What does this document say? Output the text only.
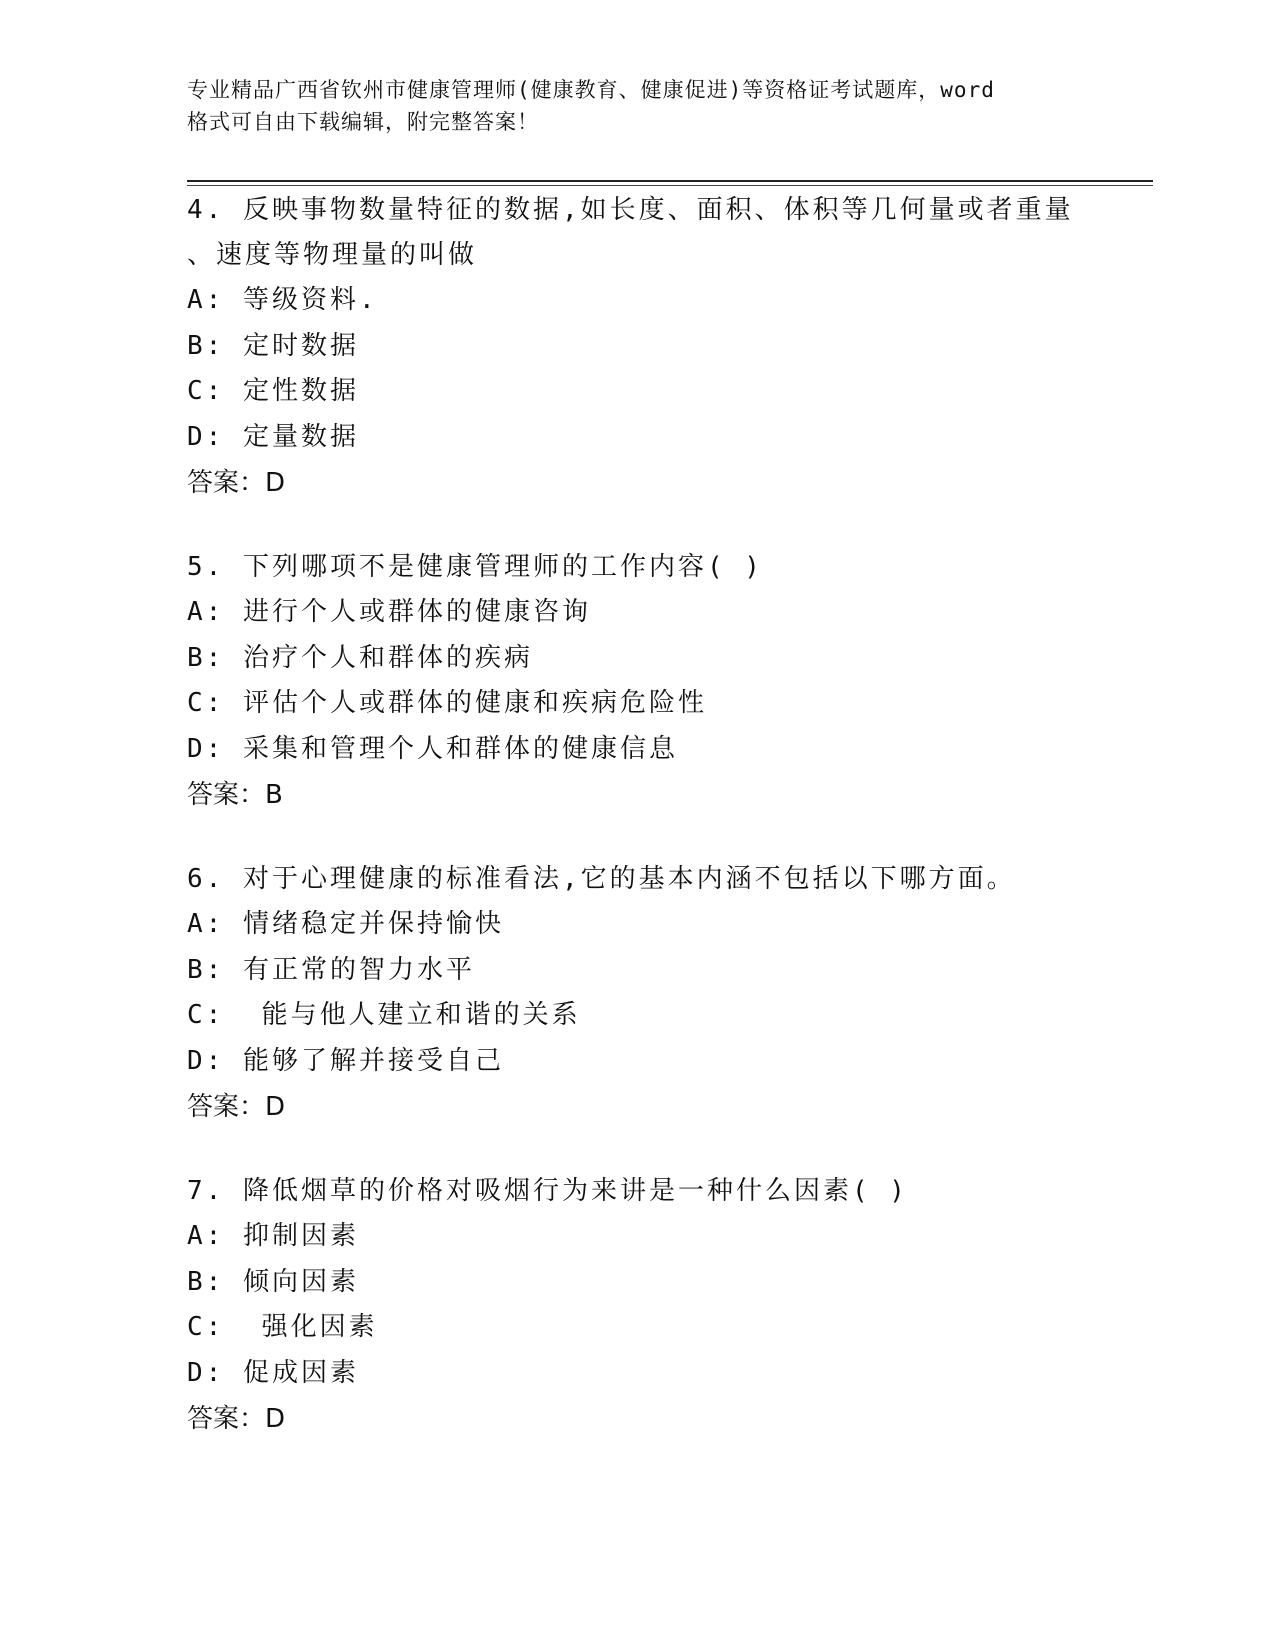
专业精品广西省钦州市健康管理师(健康教育、健康促进)等资格证考试题库，word
格式可自由下载编辑，附完整答案！

4. 反映事物数量特征的数据,如长度、面积、体积等几何量或者重量

、速度等物理量的叫做

A: 等级资料.

B: 定时数据

C: 定性数据

D: 定量数据

答案：D

5. 下列哪项不是健康管理师的工作内容( )

A: 进行个人或群体的健康咨询

B: 治疗个人和群体的疾病

C: 评估个人或群体的健康和疾病危险性

D: 采集和管理个人和群体的健康信息

答案：B

6. 对于心理健康的标准看法,它的基本内涵不包括以下哪方面。

A: 情绪稳定并保持愉快

B: 有正常的智力水平

C:  能与他人建立和谐的关系

D: 能够了解并接受自己

答案：D

7. 降低烟草的价格对吸烟行为来讲是一种什么因素( )

A: 抑制因素

B: 倾向因素

C:  强化因素

D: 促成因素

答案：D
